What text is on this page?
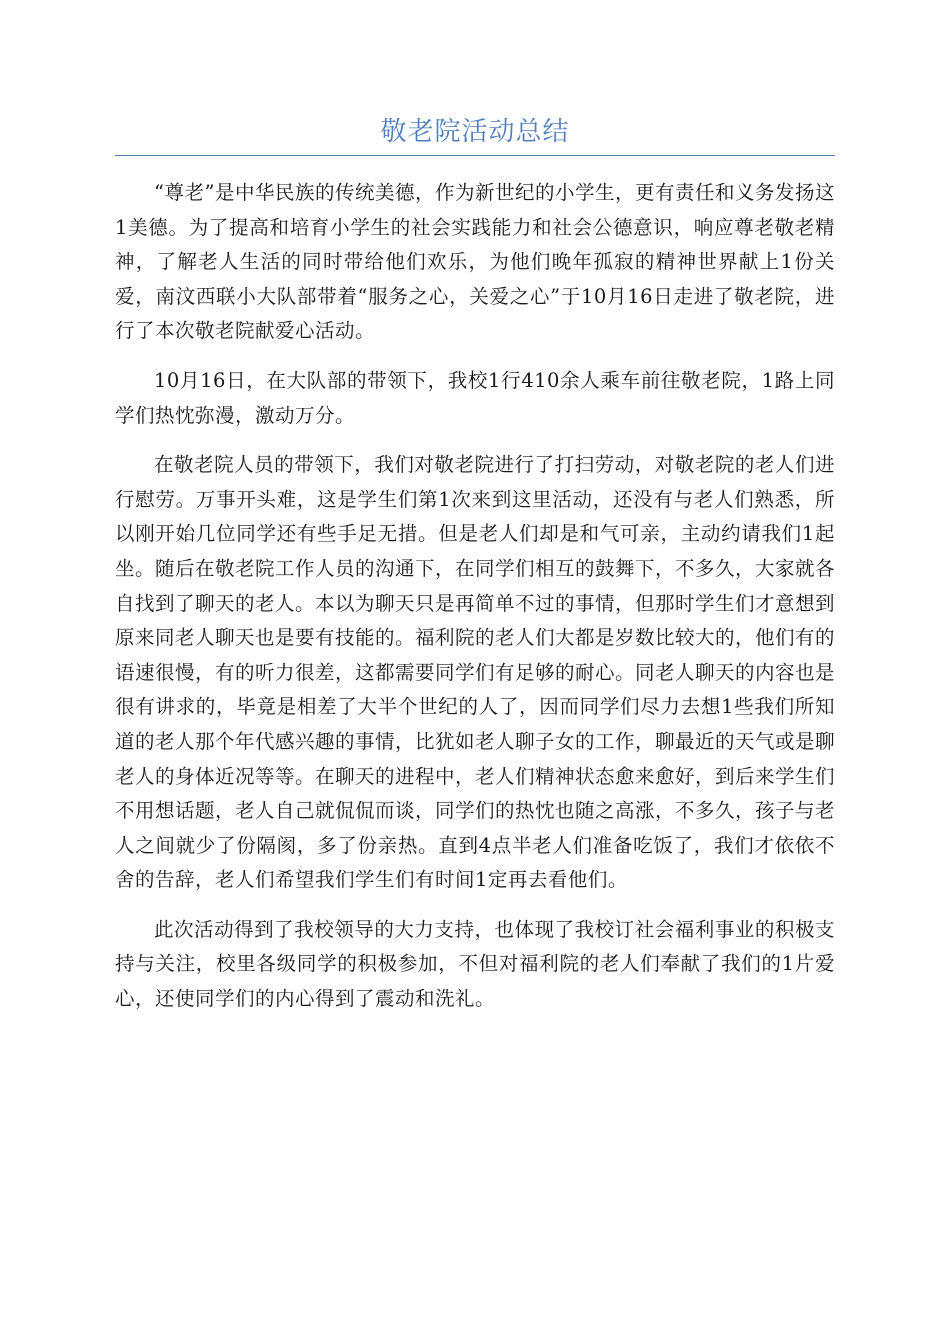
敬老院活动总结

“尊老”是中华民族的传统美德，作为新世纪的小学生，更有责任和义务发扬这1美德。为了提高和培育小学生的社会实践能力和社会公德意识，响应尊老敬老精神，了解老人生活的同时带给他们欢乐，为他们晚年孤寂的精神世界献上1份关爱，南汶西联小大队部带着“服务之心，关爱之心”于10月16日走进了敬老院，进行了本次敬老院献爱心活动。

10月16日，在大队部的带领下，我校1行410余人乘车前往敬老院，1路上同学们热忱弥漫，激动万分。

在敬老院人员的带领下，我们对敬老院进行了打扫劳动，对敬老院的老人们进行慰劳。万事开头难，这是学生们第1次来到这里活动，还没有与老人们熟悉，所以刚开始几位同学还有些手足无措。但是老人们却是和气可亲，主动约请我们1起坐。随后在敬老院工作人员的沟通下，在同学们相互的鼓舞下，不多久，大家就各自找到了聊天的老人。本以为聊天只是再简单不过的事情，但那时学生们才意想到原来同老人聊天也是要有技能的。福利院的老人们大都是岁数比较大的，他们有的语速很慢，有的听力很差，这都需要同学们有足够的耐心。同老人聊天的内容也是很有讲求的，毕竟是相差了大半个世纪的人了，因而同学们尽力去想1些我们所知道的老人那个年代感兴趣的事情，比犹如老人聊子女的工作，聊最近的天气或是聊老人的身体近况等等。在聊天的进程中，老人们精神状态愈来愈好，到后来学生们不用想话题，老人自己就侃侃而谈，同学们的热忱也随之高涨，不多久，孩子与老人之间就少了份隔阂，多了份亲热。直到4点半老人们准备吃饭了，我们才依依不舍的告辞，老人们希望我们学生们有时间1定再去看他们。

此次活动得到了我校领导的大力支持，也体现了我校订社会福利事业的积极支持与关注，校里各级同学的积极参加，不但对福利院的老人们奉献了我们的1片爱心，还使同学们的内心得到了震动和洗礼。
